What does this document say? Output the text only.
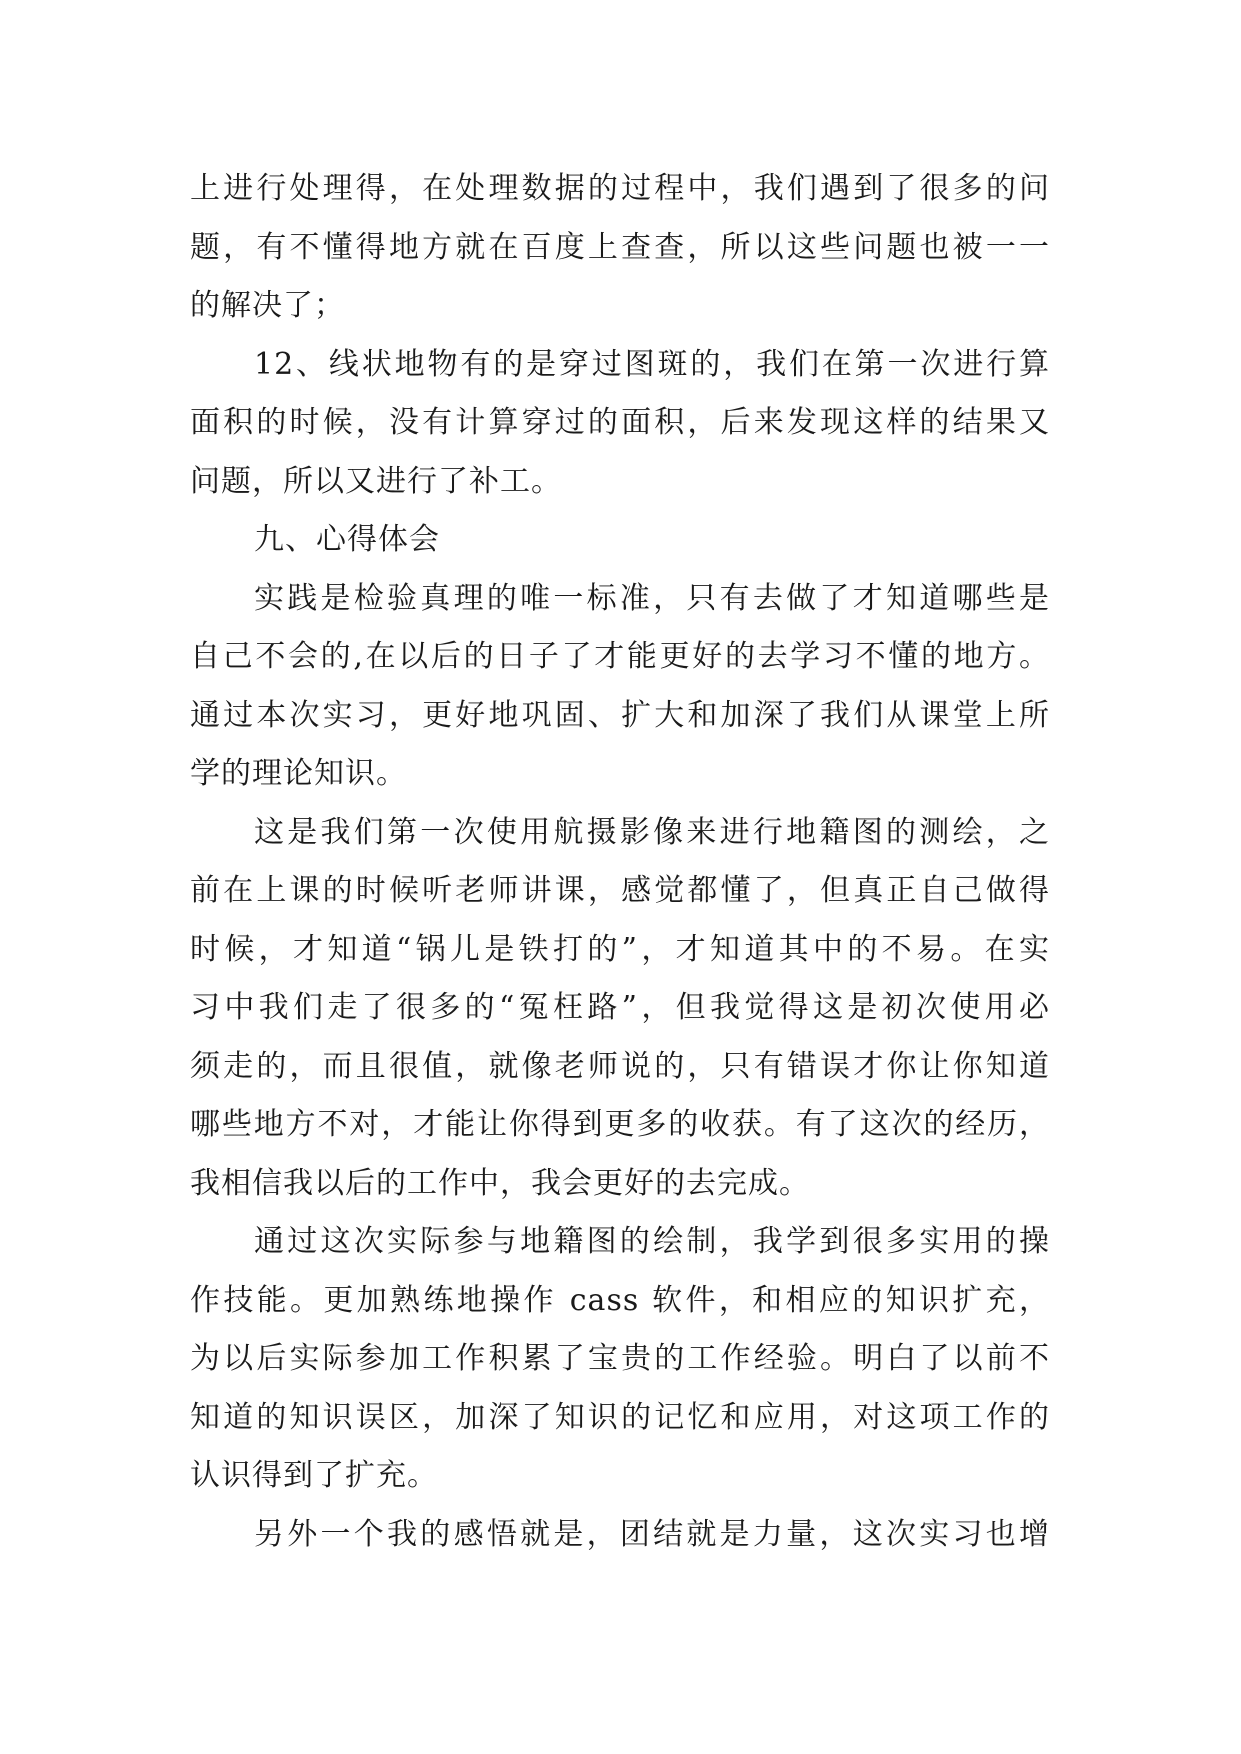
上进行处理得，在处理数据的过程中，我们遇到了很多的问
题，有不懂得地方就在百度上查查，所以这些问题也被一一
的解决了；
12、线状地物有的是穿过图斑的，我们在第一次进行算
面积的时候，没有计算穿过的面积，后来发现这样的结果又
问题，所以又进行了补工。
九、心得体会
实践是检验真理的唯一标准，只有去做了才知道哪些是
自己不会的,在以后的日子了才能更好的去学习不懂的地方。
通过本次实习，更好地巩固、扩大和加深了我们从课堂上所
学的理论知识。
这是我们第一次使用航摄影像来进行地籍图的测绘，之
前在上课的时候听老师讲课，感觉都懂了，但真正自己做得
时候，才知道“锅儿是铁打的”，才知道其中的不易。在实
习中我们走了很多的“冤枉路”，但我觉得这是初次使用必
须走的，而且很值，就像老师说的，只有错误才你让你知道
哪些地方不对，才能让你得到更多的收获。有了这次的经历，
我相信我以后的工作中，我会更好的去完成。
通过这次实际参与地籍图的绘制，我学到很多实用的操
作技能。更加熟练地操作 cass 软件，和相应的知识扩充，
为以后实际参加工作积累了宝贵的工作经验。明白了以前不
知道的知识误区，加深了知识的记忆和应用，对这项工作的
认识得到了扩充。
另外一个我的感悟就是，团结就是力量，这次实习也增
